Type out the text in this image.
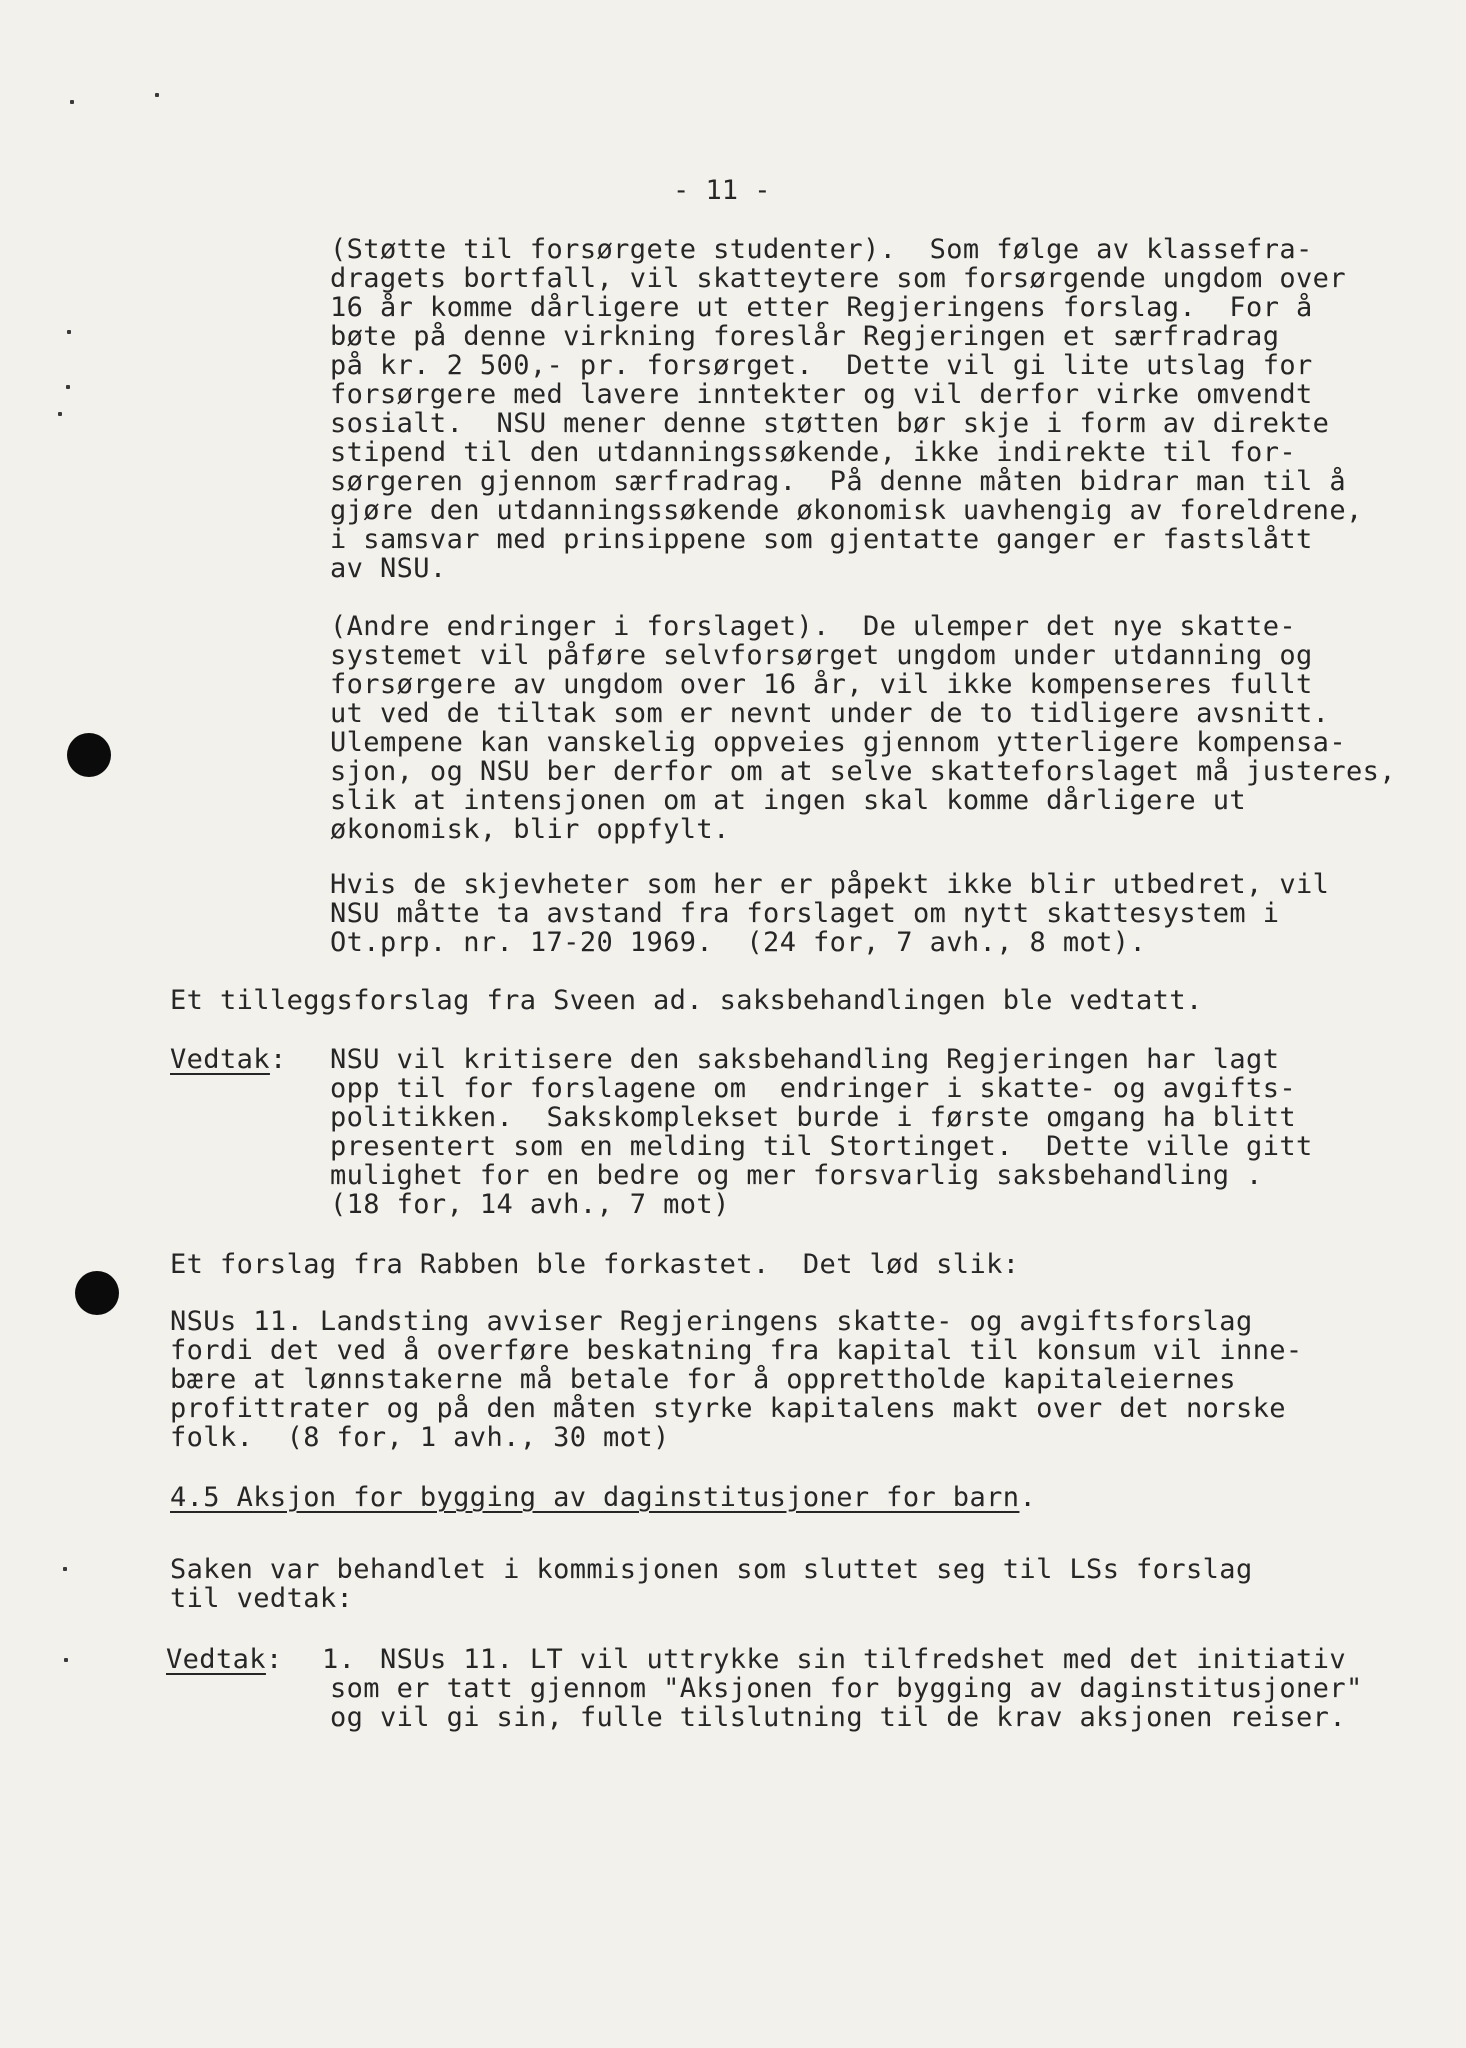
- 11 -
(Støtte til forsørgete studenter).  Som følge av klassefra-
dragets bortfall, vil skatteytere som forsørgende ungdom over
16 år komme dårligere ut etter Regjeringens forslag.  For å
bøte på denne virkning foreslår Regjeringen et særfradrag
på kr. 2 500,- pr. forsørget.  Dette vil gi lite utslag for
forsørgere med lavere inntekter og vil derfor virke omvendt
sosialt.  NSU mener denne støtten bør skje i form av direkte
stipend til den utdanningssøkende, ikke indirekte til for-
sørgeren gjennom særfradrag.  På denne måten bidrar man til å
gjøre den utdanningssøkende økonomisk uavhengig av foreldrene,
i samsvar med prinsippene som gjentatte ganger er fastslått
av NSU.
(Andre endringer i forslaget).  De ulemper det nye skatte-
systemet vil påføre selvforsørget ungdom under utdanning og
forsørgere av ungdom over 16 år, vil ikke kompenseres fullt
ut ved de tiltak som er nevnt under de to tidligere avsnitt.
Ulempene kan vanskelig oppveies gjennom ytterligere kompensa-
sjon, og NSU ber derfor om at selve skatteforslaget må justeres,
slik at intensjonen om at ingen skal komme dårligere ut
økonomisk, blir oppfylt.
Hvis de skjevheter som her er påpekt ikke blir utbedret, vil
NSU måtte ta avstand fra forslaget om nytt skattesystem i
Ot.prp. nr. 17-20 1969.  (24 for, 7 avh., 8 mot).
Et tilleggsforslag fra Sveen ad. saksbehandlingen ble vedtatt.
Vedtak: NSU vil kritisere den saksbehandling Regjeringen har lagt
opp til for forslagene om  endringer i skatte- og avgifts-
politikken.  Sakskomplekset burde i første omgang ha blitt
presentert som en melding til Stortinget.  Dette ville gitt
mulighet for en bedre og mer forsvarlig saksbehandling .
(18 for, 14 avh., 7 mot)
Et forslag fra Rabben ble forkastet.  Det lød slik:
NSUs 11. Landsting avviser Regjeringens skatte- og avgiftsforslag
fordi det ved å overføre beskatning fra kapital til konsum vil inne-
bære at lønnstakerne må betale for å opprettholde kapitaleiernes
profittrater og på den måten styrke kapitalens makt over det norske
folk.  (8 for, 1 avh., 30 mot)
4.5 Aksjon for bygging av daginstitusjoner for barn.
Saken var behandlet i kommisjonen som sluttet seg til LSs forslag
til vedtak:
Vedtak: 1. NSUs 11. LT vil uttrykke sin tilfredshet med det initiativ
som er tatt gjennom "Aksjonen for bygging av daginstitusjoner"
og vil gi sin, fulle tilslutning til de krav aksjonen reiser.
